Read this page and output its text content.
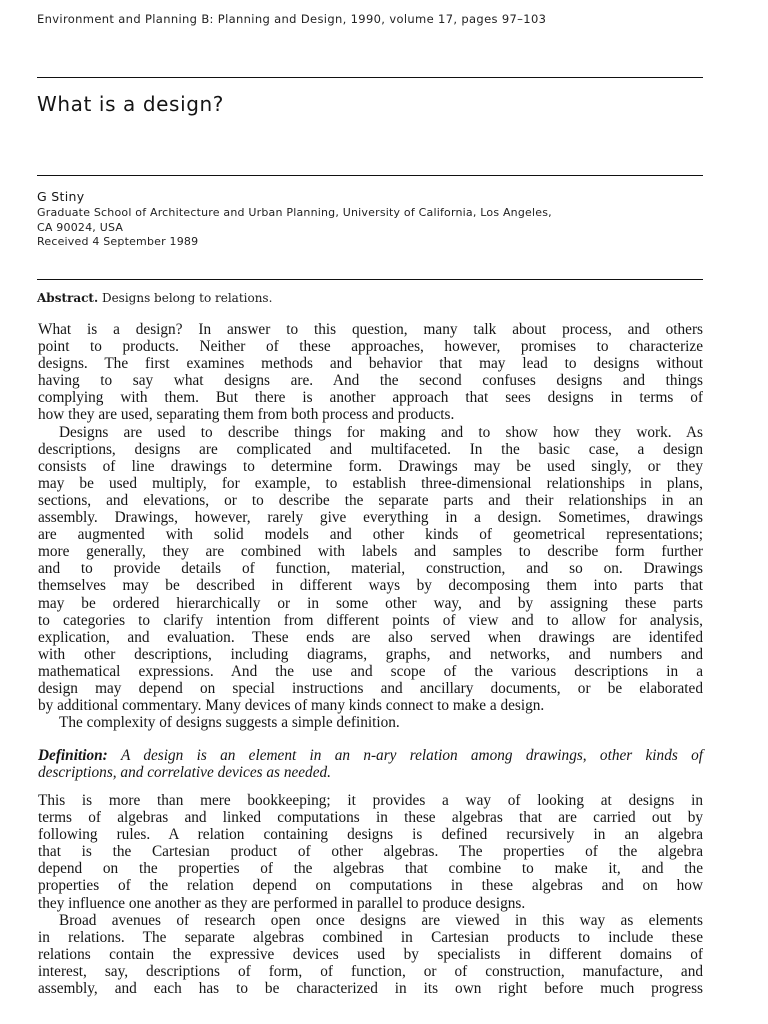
Environment and Planning B: Planning and Design, 1990, volume 17, pages 97–103
What is a design?
G Stiny
Graduate School of Architecture and Urban Planning, University of California, Los Angeles,
CA 90024, USA
Received 4 September 1989
Abstract. Designs belong to relations.
What is a design? In answer to this question, many talk about process, and others
point to products. Neither of these approaches, however, promises to characterize
designs. The first examines methods and behavior that may lead to designs without
having to say what designs are. And the second confuses designs and things
complying with them. But there is another approach that sees designs in terms of
how they are used, separating them from both process and products.
Designs are used to describe things for making and to show how they work. As
descriptions, designs are complicated and multifaceted. In the basic case, a design
consists of line drawings to determine form. Drawings may be used singly, or they
may be used multiply, for example, to establish three-dimensional relationships in plans,
sections, and elevations, or to describe the separate parts and their relationships in an
assembly. Drawings, however, rarely give everything in a design. Sometimes, drawings
are augmented with solid models and other kinds of geometrical representations;
more generally, they are combined with labels and samples to describe form further
and to provide details of function, material, construction, and so on. Drawings
themselves may be described in different ways by decomposing them into parts that
may be ordered hierarchically or in some other way, and by assigning these parts
to categories to clarify intention from different points of view and to allow for analysis,
explication, and evaluation. These ends are also served when drawings are identifed
with other descriptions, including diagrams, graphs, and networks, and numbers and
mathematical expressions. And the use and scope of the various descriptions in a
design may depend on special instructions and ancillary documents, or be elaborated
by additional commentary. Many devices of many kinds connect to make a design.
The complexity of designs suggests a simple definition.
Definition: A design is an element in an n-ary relation among drawings, other kinds of
descriptions, and correlative devices as needed.
This is more than mere bookkeeping; it provides a way of looking at designs in
terms of algebras and linked computations in these algebras that are carried out by
following rules. A relation containing designs is defined recursively in an algebra
that is the Cartesian product of other algebras. The properties of the algebra
depend on the properties of the algebras that combine to make it, and the
properties of the relation depend on computations in these algebras and on how
they influence one another as they are performed in parallel to produce designs.
Broad avenues of research open once designs are viewed in this way as elements
in relations. The separate algebras combined in Cartesian products to include these
relations contain the expressive devices used by specialists in different domains of
interest, say, descriptions of form, of function, or of construction, manufacture, and
assembly, and each has to be characterized in its own right before much progress
